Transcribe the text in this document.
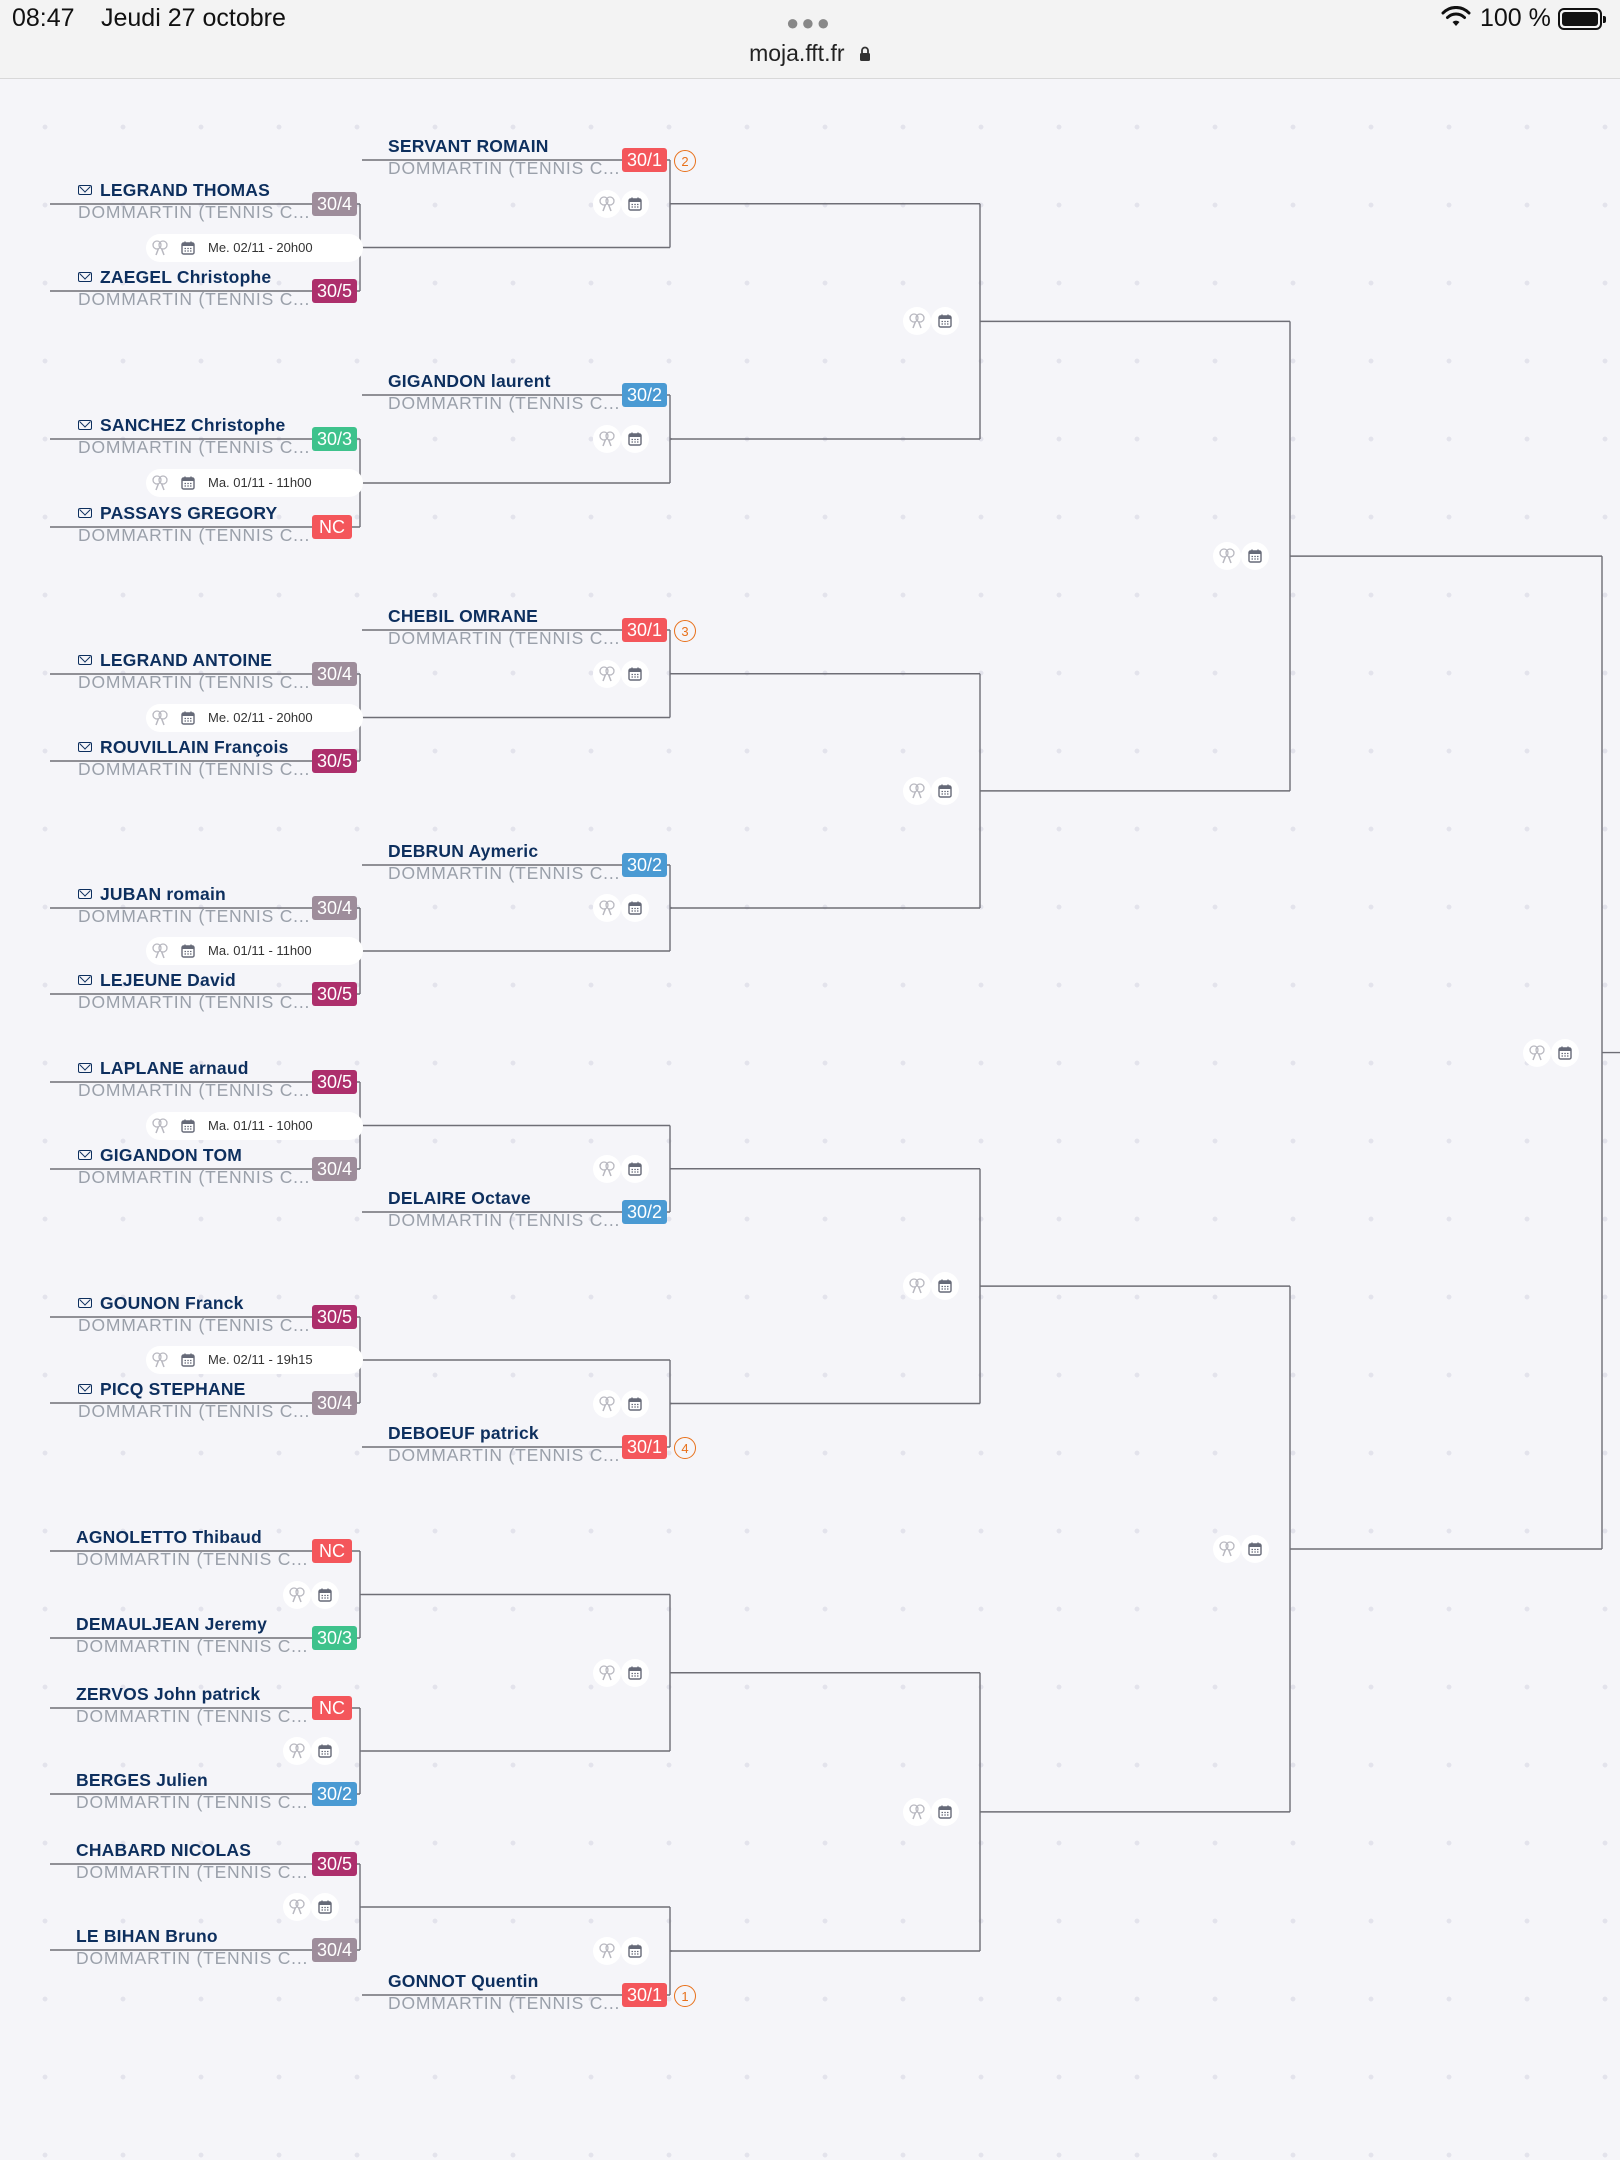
08:47 Jeudi 27 octobre	●●●
moja.fft.fr
100 %
LEGRAND THOMAS
DOMMARTIN (TENNIS C... 30/4
ZAEGEL Christophe
DOMMARTIN (TENNIS C... 30/5
Me. 02/11 - 20h00
SANCHEZ Christophe
DOMMARTIN (TENNIS C... 30/3
PASSAYS GREGORY
DOMMARTIN (TENNIS C... NC
Ma. 01/11 - 11h00
LEGRAND ANTOINE
DOMMARTIN (TENNIS C... 30/4
ROUVILLAIN François
DOMMARTIN (TENNIS C... 30/5
Me. 02/11 - 20h00
JUBAN romain
DOMMARTIN (TENNIS C... 30/4
LEJEUNE David
DOMMARTIN (TENNIS C... 30/5
Ma. 01/11 - 11h00
LAPLANE arnaud
DOMMARTIN (TENNIS C... 30/5
GIGANDON TOM
DOMMARTIN (TENNIS C... 30/4
Ma. 01/11 - 10h00
GOUNON Franck
DOMMARTIN (TENNIS C... 30/5
PICQ STEPHANE
DOMMARTIN (TENNIS C... 30/4
Me. 02/11 - 19h15
AGNOLETTO Thibaud
DOMMARTIN (TENNIS C... NC
DEMAULJEAN Jeremy
DOMMARTIN (TENNIS C... 30/3
ZERVOS John patrick
DOMMARTIN (TENNIS C... NC
BERGES Julien
DOMMARTIN (TENNIS C... 30/2
CHABARD NICOLAS
DOMMARTIN (TENNIS C... 30/5
LE BIHAN Bruno
DOMMARTIN (TENNIS C... 30/4
SERVANT ROMAIN
DOMMARTIN (TENNIS C... 30/1	2
GIGANDON laurent
DOMMARTIN (TENNIS C... 30/2
CHEBIL OMRANE
DOMMARTIN (TENNIS C... 30/1	3
DEBRUN Aymeric
DOMMARTIN (TENNIS C... 30/2
DELAIRE Octave
DOMMARTIN (TENNIS C... 30/2
DEBOEUF patrick
DOMMARTIN (TENNIS C... 30/1	4
GONNOT Quentin
DOMMARTIN (TENNIS C... 30/1	1
